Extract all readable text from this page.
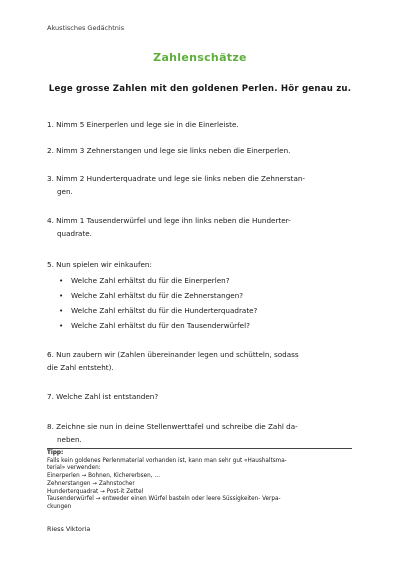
Akustisches Gedächtnis
Zahlenschätze
Lege grosse Zahlen mit den goldenen Perlen. Hör genau zu.
1. Nimm 5 Einerperlen und lege sie in die Einerleiste.
2. Nimm 3 Zehnerstangen und lege sie links neben die Einerperlen.
3. Nimm 2 Hunderterquadrate und lege sie links neben die Zehnerstan-
gen.
4. Nimm 1 Tausenderwürfel und lege ihn links neben die Hunderter-
quadrate.
5. Nun spielen wir einkaufen:
• Welche Zahl erhältst du für die Einerperlen?
• Welche Zahl erhältst du für die Zehnerstangen?
• Welche Zahl erhältst du für die Hunderterquadrate?
• Welche Zahl erhältst du für den Tausenderwürfel?
6. Nun zaubern wir (Zahlen übereinander legen und schütteln, sodass
die Zahl entsteht).
7. Welche Zahl ist entstanden?
8. Zeichne sie nun in deine Stellenwerttafel und schreibe die Zahl da-
neben.
Tipp:
Falls kein goldenes Perlenmaterial vorhanden ist, kann man sehr gut «Haushaltsma-
terial» verwenden:
Einerperlen → Bohnen, Kichererbsen, …
Zehnerstangen → Zahnstocher
Hunderterquadrat → Post-it Zettel
Tausenderwürfel → entweder einen Würfel basteln oder leere Süssigkeiten- Verpa-
ckungen
Riess Viktoria
